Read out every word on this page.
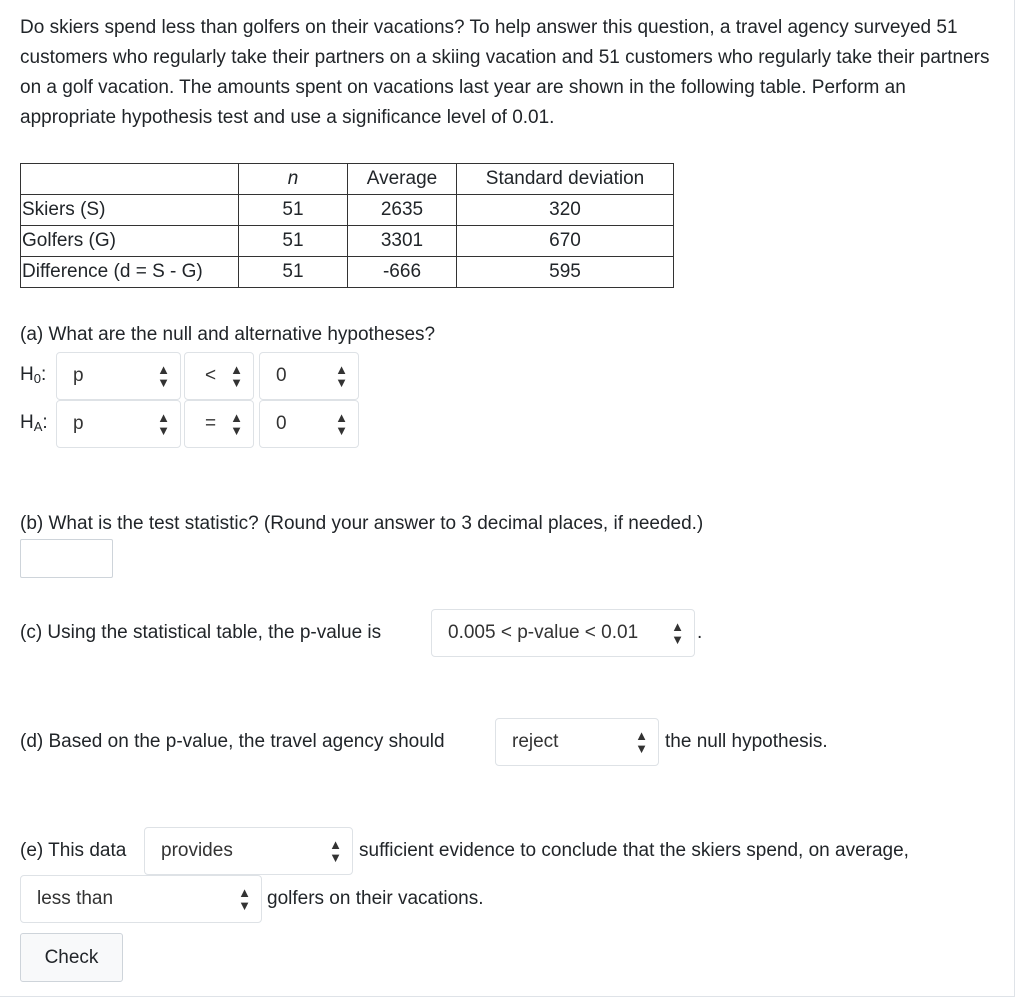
Do skiers spend less than golfers on their vacations? To help answer this question, a travel agency surveyed 51 customers who regularly take their partners on a skiing vacation and 51 customers who regularly take their partners on a golf vacation. The amounts spent on vacations last year are shown in the following table. Perform an appropriate hypothesis test and use a significance level of 0.01.

	n	Average	Standard deviation
Skiers (S)	51	2635	320
Golfers (G)	51	3301	670
Difference (d = S - G)	51	-666	595

(a) What are the null and alternative hypotheses?

$H_0$: p	▲
▼ < ▲
▼ 0	▲
▼
$H_A$: p	▲
▼ = ▲
▼ 0	▲
▼

(b) What is the test statistic? (Round your answer to 3 decimal places, if needed.)

(c) Using the statistical table, the p-value is	0.005 < p-value < 0.01	▲
▼ .

(d) Based on the p-value, the travel agency should	reject	▲
▼ the null hypothesis.

(e) This data provides	▲
▼ sufficient evidence to conclude that the skiers spend, on average,

less than	▲
▼ golfers on their vacations.

Check
